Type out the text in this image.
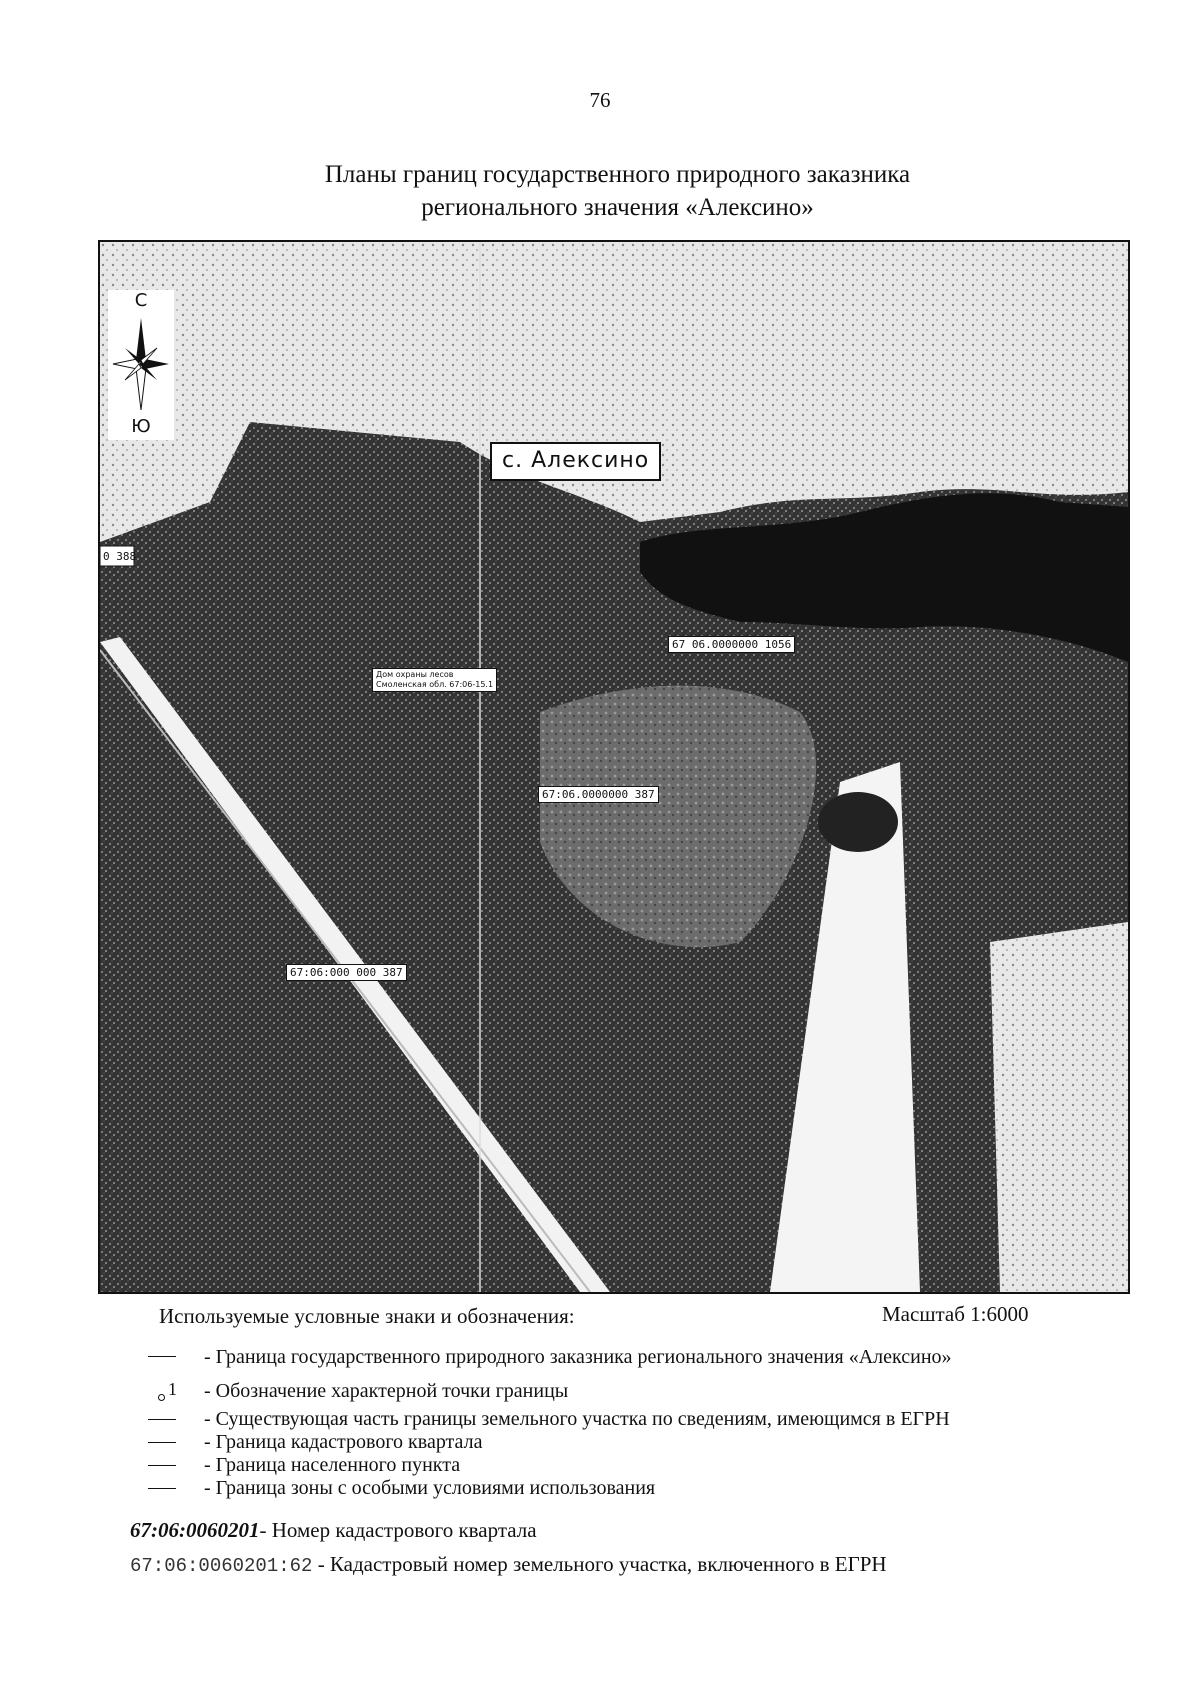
76
Планы границ государственного природного заказника
регионального значения «Алексино»
0 388
С
Ю
с. Алексино
67 06.0000000 1056
67:06.0000000 387
67:06:000 000 387
Дом охраны лесов
Смоленская обл. 67:06-15.1
Используемые условные знаки и обозначения:	Масштаб 1:6000
- Граница государственного природного заказника регионального значения «Алексино»
1 - Обозначение характерной точки границы
- Существующая часть границы земельного участка по сведениям, имеющимся в ЕГРН
- Граница кадастрового квартала
- Граница населенного пункта
- Граница зоны с особыми условиями использования
67:06:0060201- Номер кадастрового квартала
67:06:0060201:62 - Кадастровый номер земельного участка, включенного в ЕГРН
